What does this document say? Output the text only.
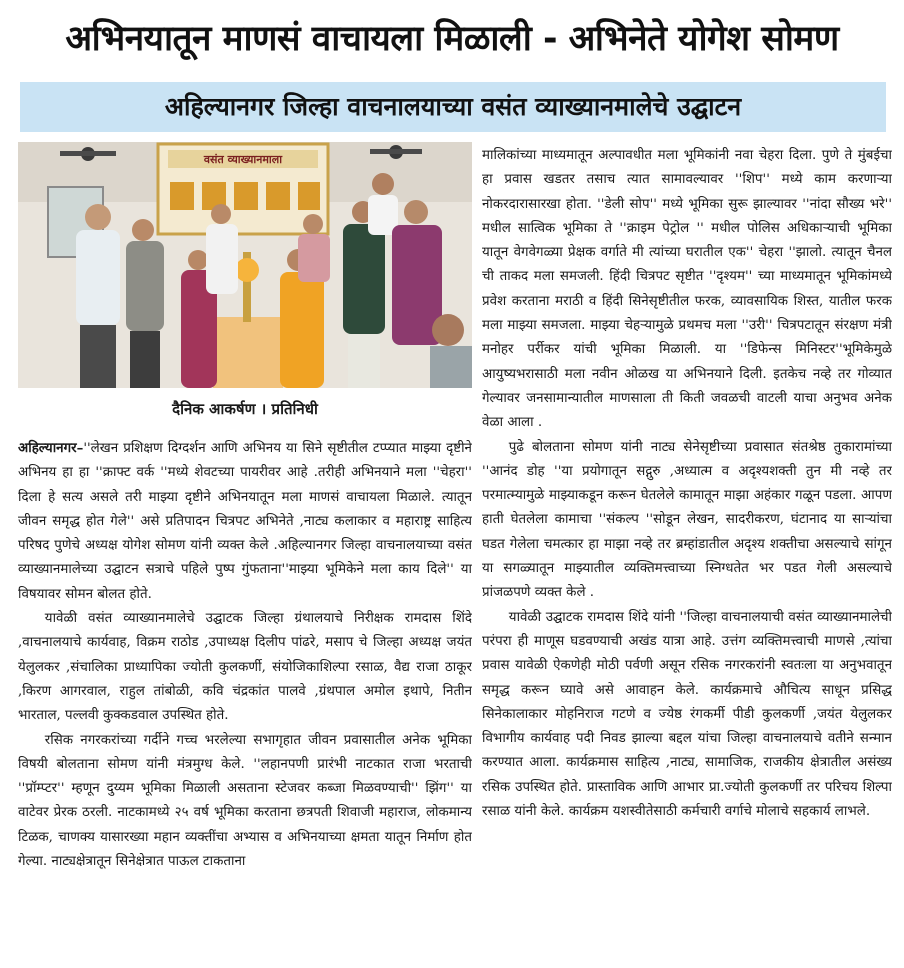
अभिनयातून माणसं वाचायला मिळाली - अभिनेते योगेश सोमण
अहिल्यानगर जिल्हा वाचनालयाच्या वसंत व्याख्यानमालेचे उद्घाटन
वसंत व्याख्यानमाला
दैनिक आकर्षण । प्रतिनिधी

अहिल्यानगर–''लेखन प्रशिक्षण दिग्दर्शन आणि अभिनय या सिने सृष्टीतील टप्प्यात माझ्या दृष्टीने अभिनय हा हा ''क्राफ्ट वर्क ''मध्ये शेवटच्या पायरीवर आहे .तरीही अभिनयाने मला ''चेहरा'' दिला हे सत्य असले तरी माझ्या दृष्टीने अभिनयातून मला माणसं वाचायला मिळाले. त्यातून जीवन समृद्ध होत गेले'' असे प्रतिपादन चित्रपट अभिनेते ,नाट्य कलाकार व महाराष्ट्र साहित्य परिषद पुणेचे अध्यक्ष योगेश सोमण यांनी व्यक्त केले .अहिल्यानगर जिल्हा वाचनालयाच्या वसंत व्याख्यानमालेच्या उद्घाटन सत्राचे पहिले पुष्प गुंफताना''माझ्या भूमिकेने मला काय दिले'' या विषयावर सोमन बोलत होते.

यावेळी वसंत व्याख्यानमालेचे उद्घाटक जिल्हा ग्रंथालयाचे निरीक्षक रामदास शिंदे ,वाचनालयाचे कार्यवाह, विक्रम राठोड ,उपाध्यक्ष दिलीप पांढरे, मसाप चे जिल्हा अध्यक्ष जयंत येलुलकर ,संचालिका प्राध्यापिका ज्योती कुलकर्णी, संयोजिकाशिल्पा रसाळ, वैद्य राजा ठाकूर ,किरण आगरवाल, राहुल तांबोळी, कवि चंद्रकांत पालवे ,ग्रंथपाल अमोल इथापे, नितीन भारताल, पल्लवी कुक्कडवाल उपस्थित होते.

रसिक नगरकरांच्या गर्दीने गच्च भरलेल्या सभागृहात जीवन प्रवासातील अनेक भूमिका विषयी बोलताना सोमण यांनी मंत्रमुग्ध केले. ''लहानपणी प्रारंभी नाटकात राजा भरताची ''प्रॉम्प्टर'' म्हणून दुय्यम भूमिका मिळाली असताना स्टेजवर कब्जा मिळवण्याची'' झिंग'' या वाटेवर प्रेरक ठरली. नाटकामध्ये २५ वर्ष भूमिका करताना छत्रपती शिवाजी महाराज, लोकमान्य टिळक, चाणक्य यासारख्या महान व्यक्तींचा अभ्यास व अभिनयाच्या क्षमता यातून निर्माण होत गेल्या. नाट्यक्षेत्रातून सिनेक्षेत्रात पाऊल टाकताना

मालिकांच्या माध्यमातून अल्पावधीत मला भूमिकांनी नवा चेहरा दिला. पुणे ते मुंबईचा हा प्रवास खडतर तसाच त्यात सामावल्यावर ''शिप'' मध्ये काम करणाऱ्या नोकरदारासारखा होता. ''डेली सोप'' मध्ये भूमिका सुरू झाल्यावर ''नांदा सौख्य भरे'' मधील सात्विक भूमिका ते ''क्राइम पेट्रोल '' मधील पोलिस अधिकाऱ्याची भूमिका यातून वेगवेगळ्या प्रेक्षक वर्गाते मी त्यांच्या घरातील एक'' चेहरा ''झालो. त्यातून चैनल ची ताकद मला समजली. हिंदी चित्रपट सृष्टीत ''दृश्यम'' च्या माध्यमातून भूमिकांमध्ये प्रवेश करताना मराठी व हिंदी सिनेसृष्टीतील फरक, व्यावसायिक शिस्त, यातील फरक मला माझ्या समजला. माझ्या चेहऱ्यामुळे प्रथमच मला ''उरी'' चित्रपटातून संरक्षण मंत्री मनोहर पर्रीकर यांची भूमिका मिळाली. या ''डिफेन्स मिनिस्टर''भूमिकेमुळे आयुष्यभरासाठी मला नवीन ओळख या अभिनयाने दिली. इतकेच नव्हे तर गोव्यात गेल्यावर जनसामान्यातील माणसाला ती किती जवळची वाटली याचा अनुभव अनेक वेळा आला .

पुढे बोलताना सोमण यांनी नाट्य सेनेसृष्टीच्या प्रवासात संतश्रेष्ठ तुकारामांच्या ''आनंद डोह ''या प्रयोगातून सद्गुरु ,अध्यात्म व अदृश्यशक्ती तुन मी नव्हे तर परमात्म्यामुळे माझ्याकडून करून घेतलेले कामातून माझा अहंकार गळून पडला. आपण हाती घेतलेला कामाचा ''संकल्प ''सोडून लेखन, सादरीकरण, घंटानाद या साऱ्यांचा घडत गेलेला चमत्कार हा माझा नव्हे तर ब्रम्हांडातील अदृश्य शक्तीचा असल्याचे सांगून या सगळ्यातून माझ्यातील व्यक्तिमत्त्वाच्या स्निग्धतेत भर पडत गेली असल्याचे प्रांजळपणे व्यक्त केले .

यावेळी उद्घाटक रामदास शिंदे यांनी ''जिल्हा वाचनालयाची वसंत व्याख्यानमालेची परंपरा ही माणूस घडवण्याची अखंड यात्रा आहे. उत्तंग व्यक्तिमत्त्वाची माणसे ,त्यांचा प्रवास यावेळी ऐकणेही मोठी पर्वणी असून रसिक नगरकरांनी स्वतःला या अनुभवातून समृद्ध करून घ्यावे असे आवाहन केले. कार्यक्रमाचे औचित्य साधून प्रसिद्ध सिनेकालाकार मोहनिराज गटणे व ज्येष्ठ रंगकर्मी पीडी कुलकर्णी ,जयंत येलुलकर विभागीय कार्यवाह पदी निवड झाल्या बद्दल यांचा जिल्हा वाचनालयाचे वतीने सन्मान करण्यात आला. कार्यक्रमास साहित्य ,नाट्य, सामाजिक, राजकीय क्षेत्रातील असंख्य रसिक उपस्थित होते. प्रास्ताविक आणि आभार प्रा.ज्योती कुलकर्णी तर परिचय शिल्पा रसाळ यांनी केले. कार्यक्रम यशस्वीतेसाठी कर्मचारी वर्गाचे मोलाचे सहकार्य लाभले.
